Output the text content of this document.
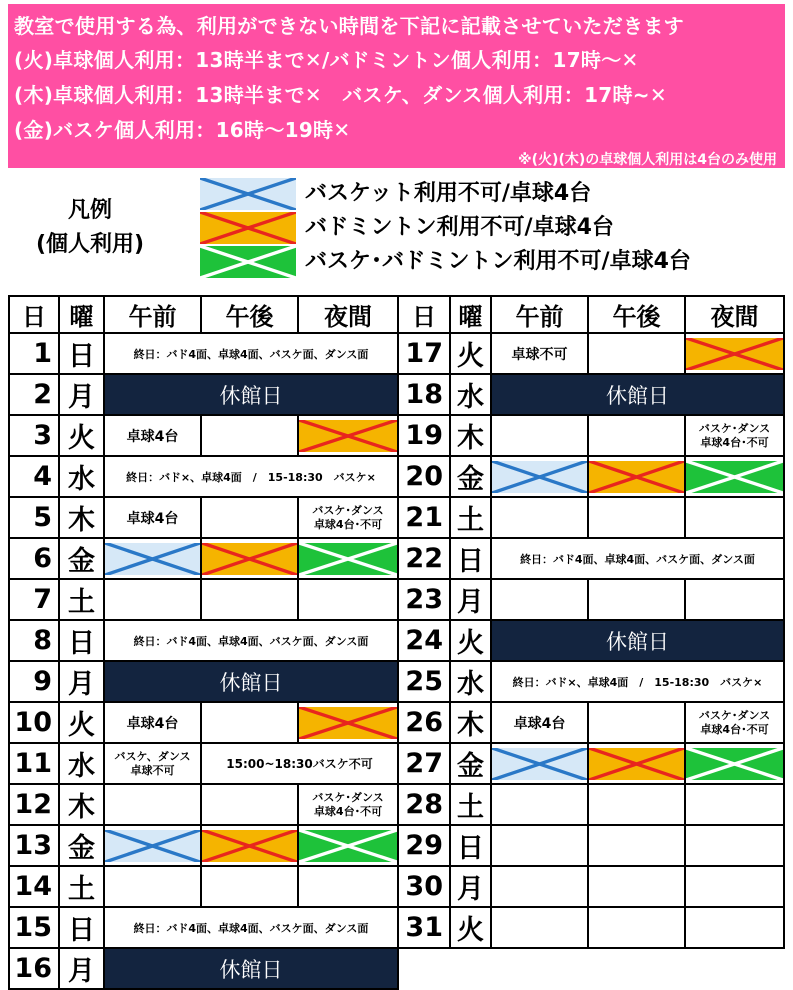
教室で使用する為、利用ができない時間を下記に記載させていただきます
(火)卓球個人利用：13時半まで✕/バドミントン個人利用：17時～✕
(木)卓球個人利用：13時半まで✕　バスケ、ダンス個人利用：17時~✕
(金)バスケ個人利用：16時～19時✕
※(火)(木)の卓球個人利用は4台のみ使用
凡例
(個人利用)
バスケット利用不可/卓球4台
バドミントン利用不可/卓球4台
バスケ･バドミントン利用不可/卓球4台
日	曜	午前	午後	夜間
1	日	終日：バド4面、卓球4面、バスケ面、ダンス面		
2	月	休館日		
3	火	卓球4台		

4	水	終日：バド×、卓球4面　/　15-18:30　バスケ×		
5	木	卓球4台		バスケ･ダンス
卓球4台･不可
6	金	

7	土			
8	日	終日：バド4面、卓球4面、バスケ面、ダンス面		
9	月	休館日		
10	火	卓球4台		

11	水	バスケ、ダンス
卓球不可	15:00~18:30バスケ不可	
12	木			バスケ･ダンス
卓球4台･不可
13	金	

14	土			
15	日	終日：バド4面、卓球4面、バスケ面、ダンス面		
16	月	休館日		
日	曜	午前	午後	夜間
17	火	卓球不可		

18	水	休館日		
19	木			バスケ･ダンス
卓球4台･不可
20	金	

21	土			
22	日	終日：バド4面、卓球4面、バスケ面、ダンス面		
23	月			
24	火	休館日		
25	水	終日：バド×、卓球4面　/　15-18:30　バスケ×		
26	木	卓球4台		バスケ･ダンス
卓球4台･不可
27	金	

28	土			
29	日			
30	月			
31	火			
